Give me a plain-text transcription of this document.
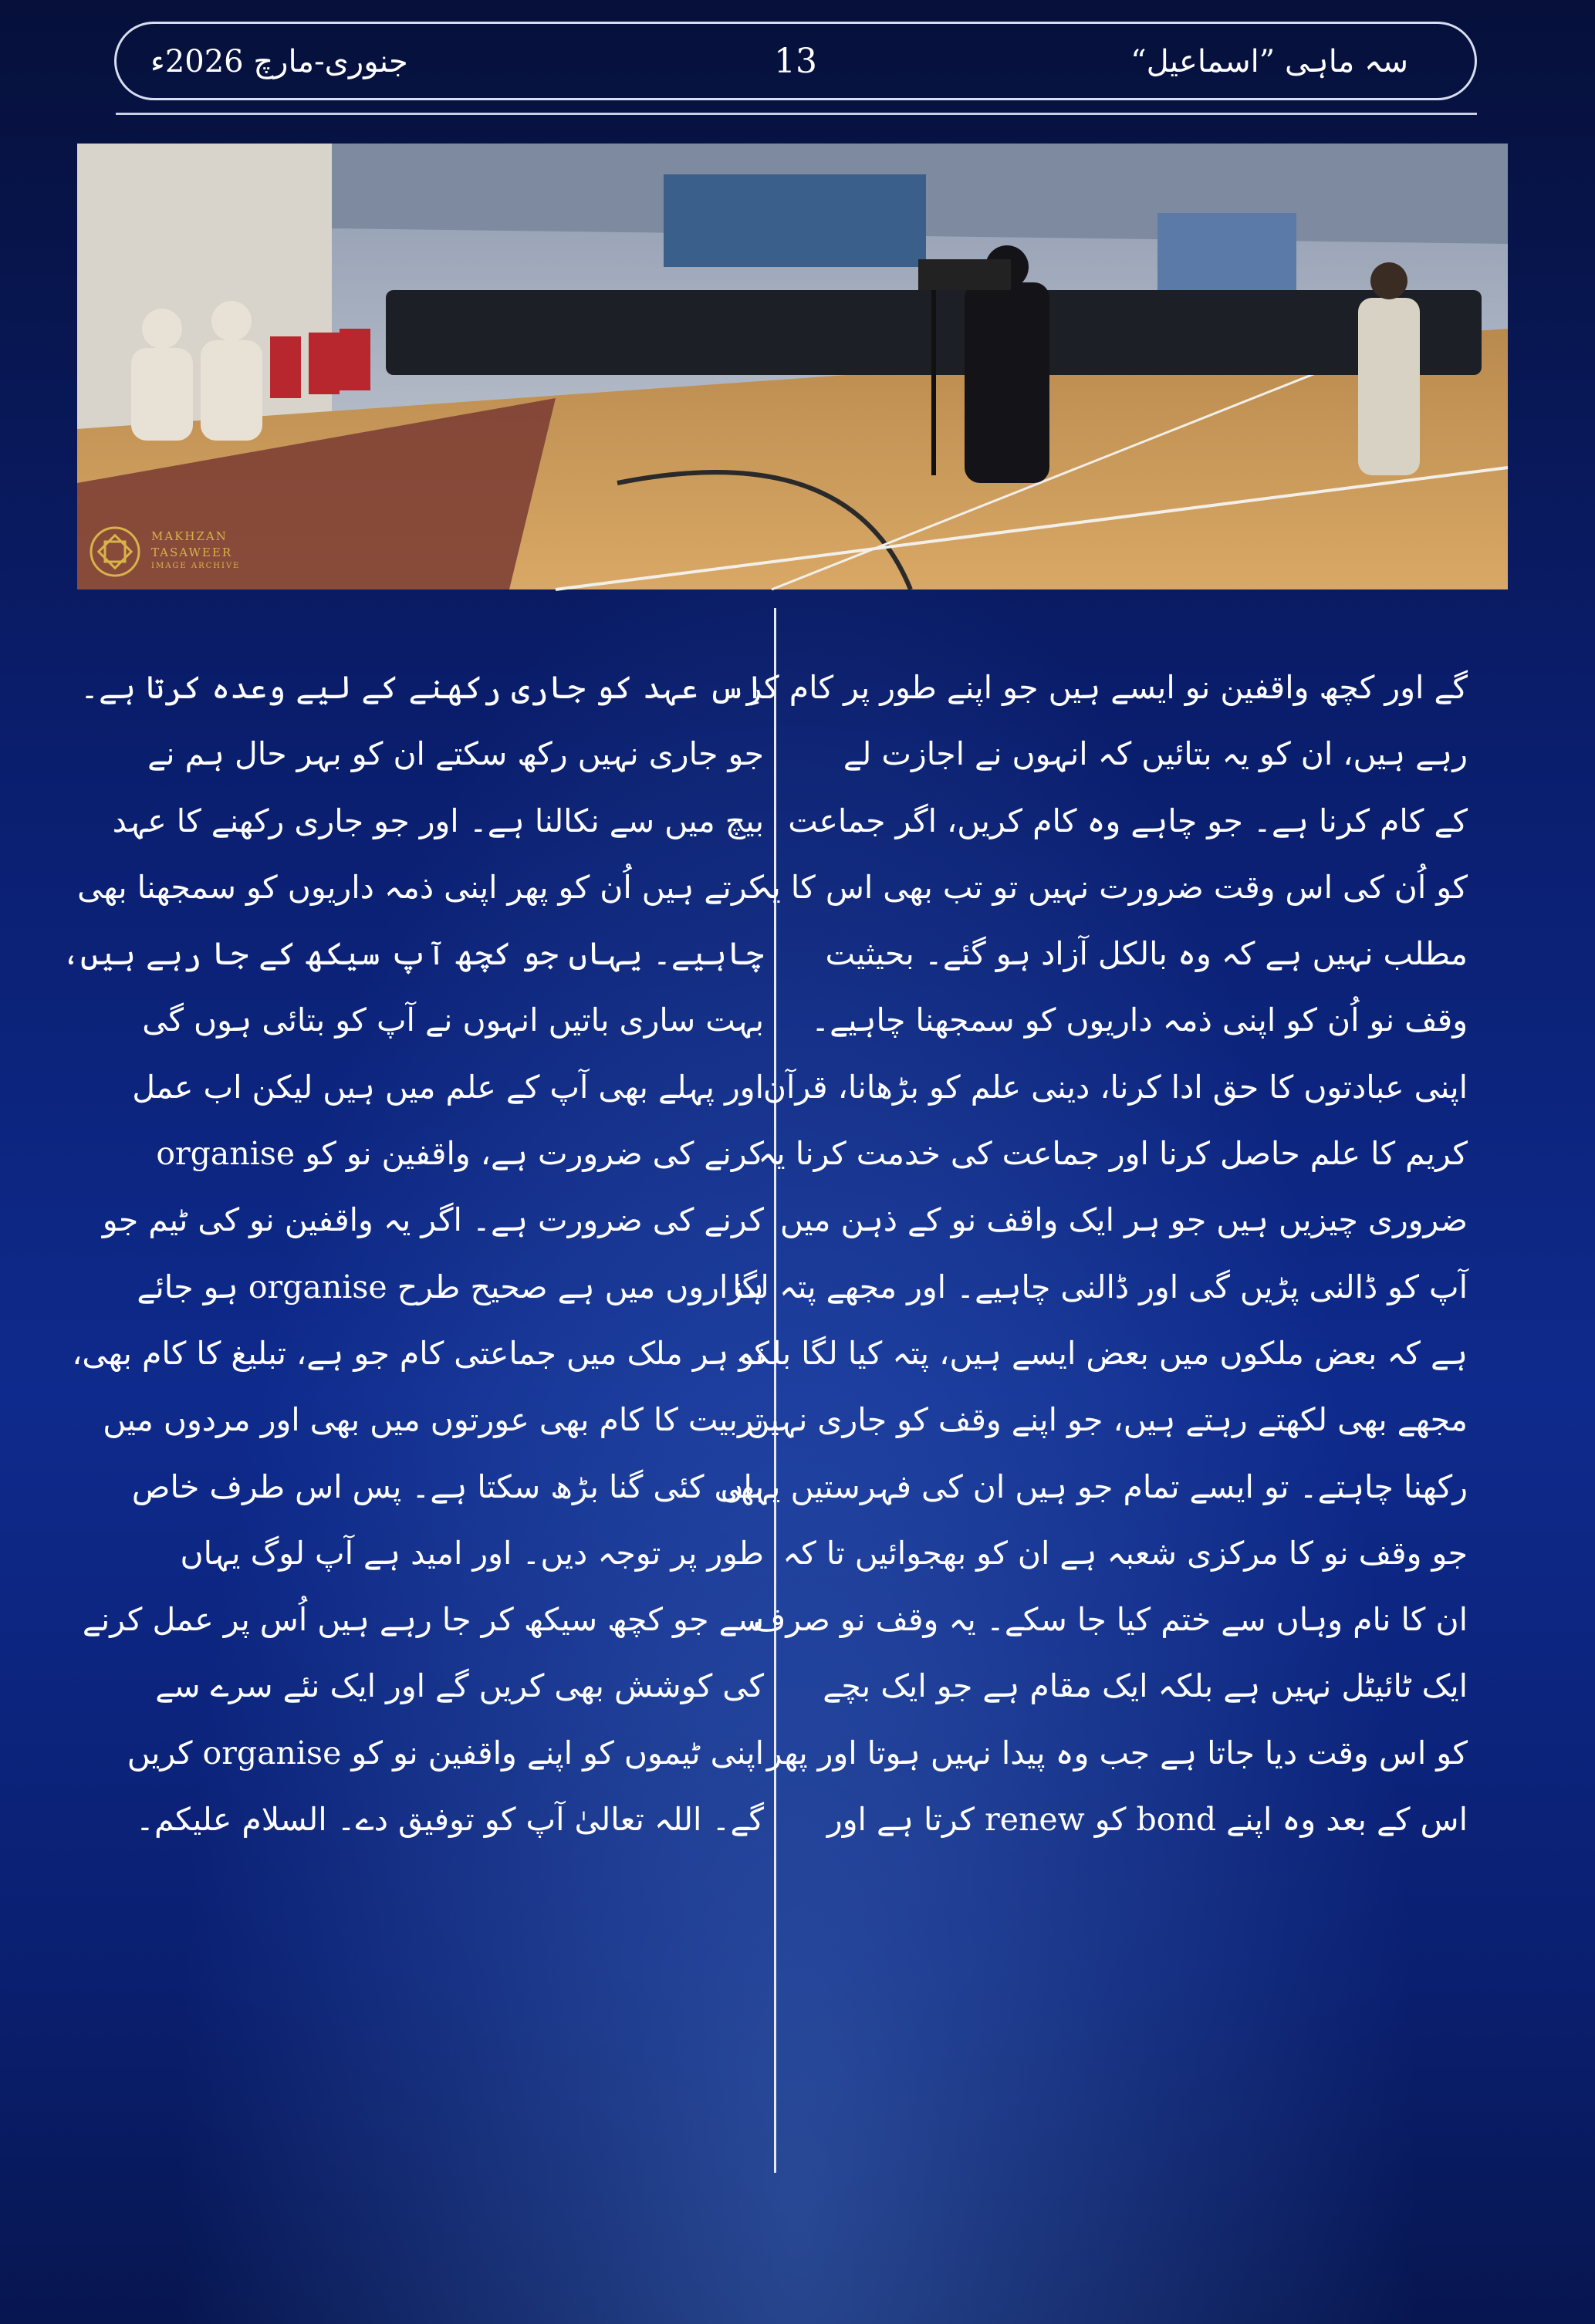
سہ ماہی ”اسماعیل“
13
جنوری-مارچ 2026ء
MAKHZAN
TASAWEER
IMAGE ARCHIVE
گے اور کچھ واقفین نو ایسے ہیں جو اپنے طور پر کام کر
رہے ہیں، ان کو یہ بتائیں کہ انہوں نے اجازت لے
کے کام کرنا ہے۔ جو چاہے وہ کام کریں، اگر جماعت
کو اُن کی اس وقت ضرورت نہیں تو تب بھی اس کا یہ
مطلب نہیں ہے کہ وہ بالکل آزاد ہو گئے۔ بحیثیت
وقف نو اُن کو اپنی ذمہ داریوں کو سمجھنا چاہیے۔
اپنی عبادتوں کا حق ادا کرنا، دینی علم کو بڑھانا، قرآن
کریم کا علم حاصل کرنا اور جماعت کی خدمت کرنا یہ
ضروری چیزیں ہیں جو ہر ایک واقف نو کے ذہن میں
آپ کو ڈالنی پڑیں گی اور ڈالنی چاہیے۔ اور مجھے پتہ لگا
ہے کہ بعض ملکوں میں بعض ایسے ہیں، پتہ کیا لگا بلکہ
مجھے بھی لکھتے رہتے ہیں، جو اپنے وقف کو جاری نہیں
رکھنا چاہتے۔ تو ایسے تمام جو ہیں ان کی فہرستیں یہاں
جو وقف نو کا مرکزی شعبہ ہے ان کو بھجوائیں تا کہ
ان کا نام وہاں سے ختم کیا جا سکے۔ یہ وقف نو صرف
ایک ٹائیٹل نہیں ہے بلکہ ایک مقام ہے جو ایک بچے
کو اس وقت دیا جاتا ہے جب وہ پیدا نہیں ہوتا اور پھر
اس کے بعد وہ اپنے bond کو renew کرتا ہے اور
اِس عہد کو جاری رکھنے کے لیے وعدہ کرتا ہے۔
جو جاری نہیں رکھ سکتے ان کو بہر حال ہم نے
بیچ میں سے نکالنا ہے۔ اور جو جاری رکھنے کا عہد
کرتے ہیں اُن کو پھر اپنی ذمہ داریوں کو سمجھنا بھی
چاہیے۔ یہاں جو کچھ آپ سیکھ کے جا رہے ہیں،
بہت ساری باتیں انہوں نے آپ کو بتائی ہوں گی
اور پہلے بھی آپ کے علم میں ہیں لیکن اب عمل
کرنے کی ضرورت ہے، واقفین نو کو organise
کرنے کی ضرورت ہے۔ اگر یہ واقفین نو کی ٹیم جو
ہزاروں میں ہے صحیح طرح organise ہو جائے
تو ہر ملک میں جماعتی کام جو ہے، تبلیغ کا کام بھی،
تربیت کا کام بھی عورتوں میں بھی اور مردوں میں
بھی کئی گنا بڑھ سکتا ہے۔ پس اس طرف خاص
طور پر توجہ دیں۔ اور امید ہے آپ لوگ یہاں
سے جو کچھ سیکھ کر جا رہے ہیں اُس پر عمل کرنے
کی کوشش بھی کریں گے اور ایک نئے سرے سے
اپنی ٹیموں کو اپنے واقفین نو کو organise کریں
گے۔ اللہ تعالیٰ آپ کو توفیق دے۔ السلام علیکم۔
